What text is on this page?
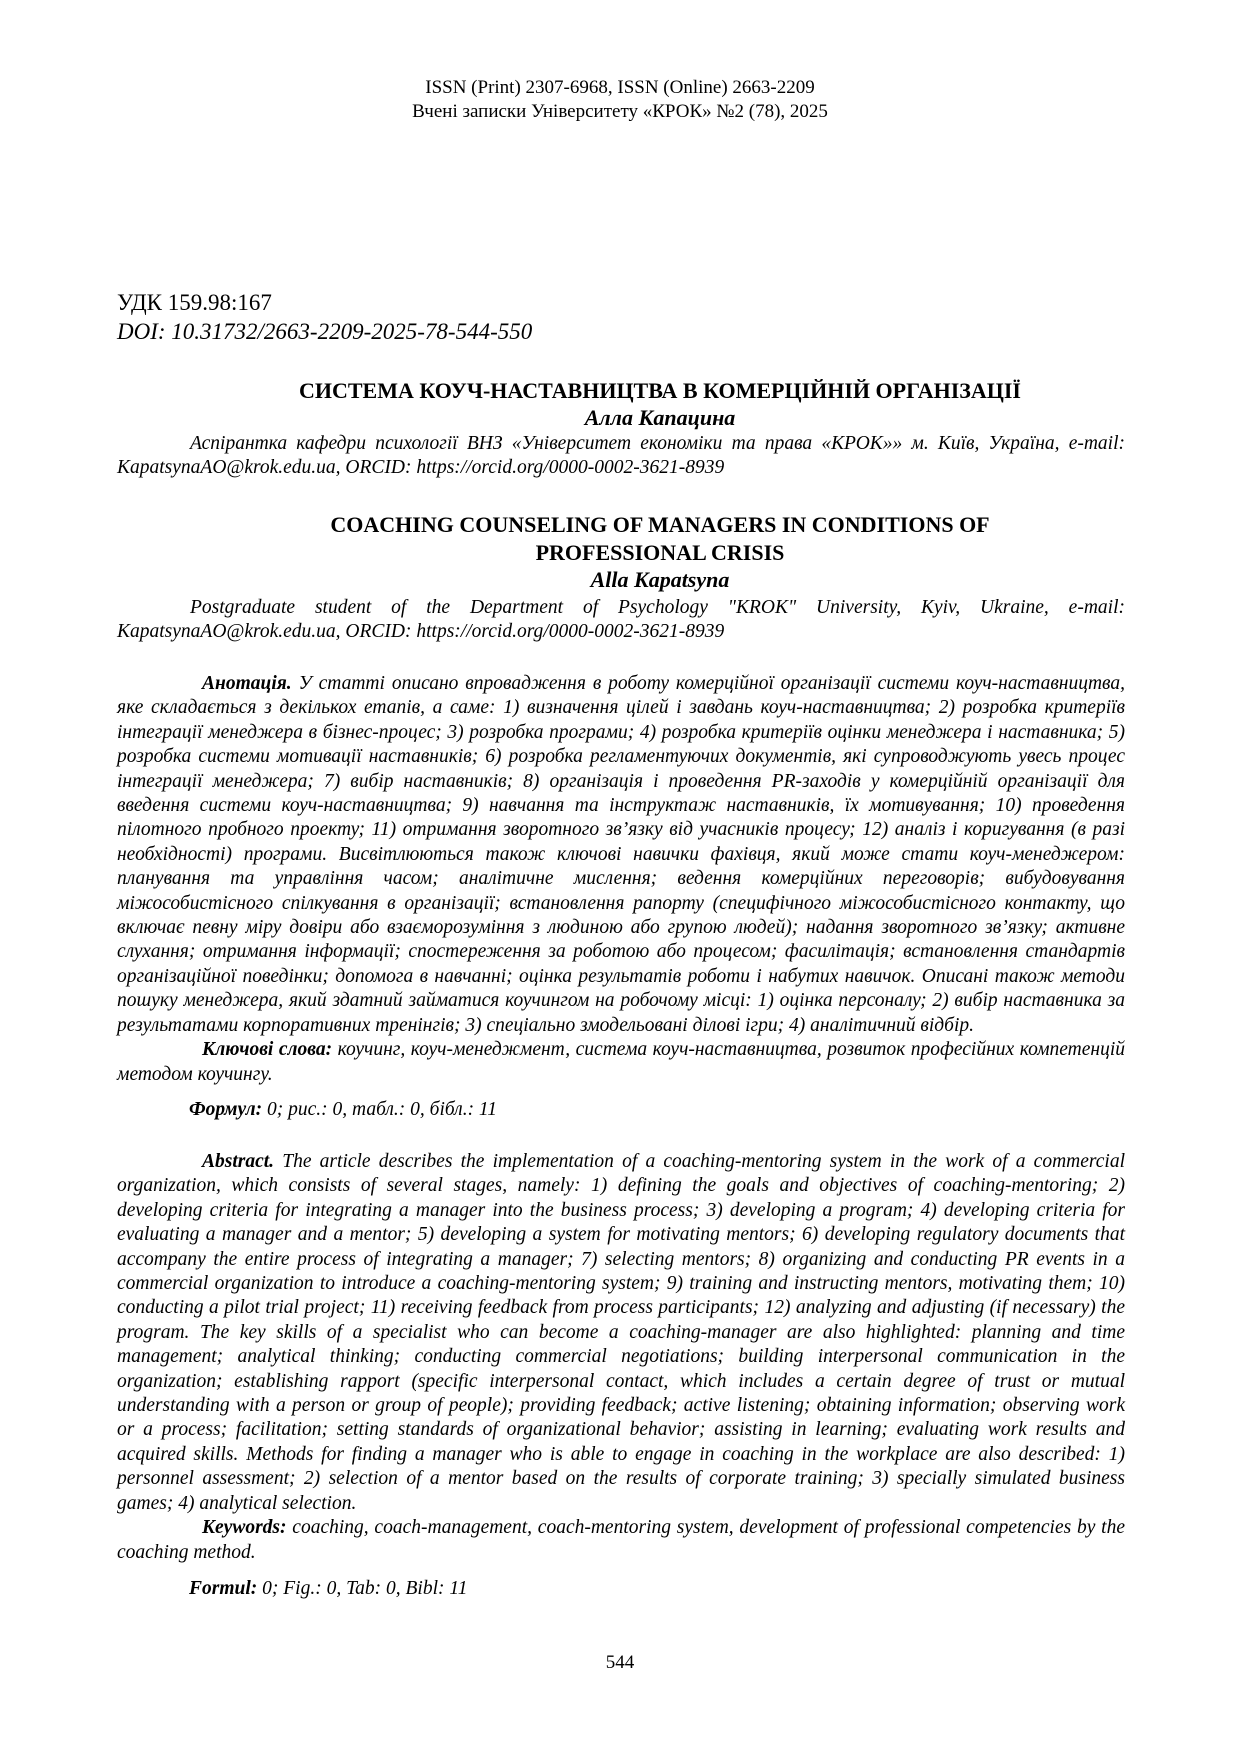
ISSN (Print) 2307-6968, ISSN (Online) 2663-2209
Вчені записки Університету «КРОК» №2 (78), 2025
УДК 159.98:167
DOI: 10.31732/2663-2209-2025-78-544-550
СИСТЕМА КОУЧ-НАСТАВНИЦТВА В КОМЕРЦІЙНІЙ ОРГАНІЗАЦІЇ
Алла Капацина
Аспірантка кафедри психології ВНЗ «Університет економіки та права «КРОК»» м. Київ, Україна, e-mail: KapatsynaAO@krok.edu.ua, ORCID: https://orcid.org/0000-0002-3621-8939
COACHING COUNSELING OF MANAGERS IN CONDITIONS OF
PROFESSIONAL CRISIS
Alla Kapatsyna
Postgraduate student of the Department of Psychology "KROK" University, Kyiv, Ukraine, e-mail: KapatsynaAO@krok.edu.ua, ORCID: https://orcid.org/0000-0002-3621-8939

Анотація. У статті описано впровадження в роботу комерційної організації системи коуч-наставництва, яке складається з декількох етапів, а саме: 1) визначення цілей і завдань коуч-наставництва; 2) розробка критеріїв інтеграції менеджера в бізнес-процес; 3) розробка програми; 4) розробка критеріїв оцінки менеджера і наставника; 5) розробка системи мотивації наставників; 6) розробка регламентуючих документів, які супроводжують увесь процес інтеграції менеджера; 7) вибір наставників; 8) організація і проведення PR-заходів у комерційній організації для введення системи коуч-наставництва; 9) навчання та інструктаж наставників, їх мотивування; 10) проведення пілотного пробного проекту; 11) отримання зворотного зв’язку від учасників процесу; 12) аналіз і коригування (в разі необхідності) програми. Висвітлюються також ключові навички фахівця, який може стати коуч-менеджером: планування та управління часом; аналітичне мислення; ведення комерційних переговорів; вибудовування міжособистісного спілкування в організації; встановлення рапорту (специфічного міжособистісного контакту, що включає певну міру довіри або взаєморозуміння з людиною або групою людей); надання зворотного зв’язку; активне слухання; отримання інформації; спостереження за роботою або процесом; фасилітація; встановлення стандартів організаційної поведінки; допомога в навчанні; оцінка результатів роботи і набутих навичок. Описані також методи пошуку менеджера, який здатний займатися коучингом на робочому місці: 1) оцінка персоналу; 2) вибір наставника за результатами корпоративних тренінгів; 3) спеціально змодельовані ділові ігри; 4) аналітичний відбір.

Ключові слова: коучинг, коуч-менеджмент, система коуч-наставництва, розвиток професійних компетенцій методом коучингу.

Формул: 0; рис.: 0, табл.: 0, бібл.: 11

Abstract. The article describes the implementation of a coaching-mentoring system in the work of a commercial organization, which consists of several stages, namely: 1) defining the goals and objectives of coaching-mentoring; 2) developing criteria for integrating a manager into the business process; 3) developing a program; 4) developing criteria for evaluating a manager and a mentor; 5) developing a system for motivating mentors; 6) developing regulatory documents that accompany the entire process of integrating a manager; 7) selecting mentors; 8) organizing and conducting PR events in a commercial organization to introduce a coaching-mentoring system; 9) training and instructing mentors, motivating them; 10) conducting a pilot trial project; 11) receiving feedback from process participants; 12) analyzing and adjusting (if necessary) the program. The key skills of a specialist who can become a coaching-manager are also highlighted: planning and time management; analytical thinking; conducting commercial negotiations; building interpersonal communication in the organization; establishing rapport (specific interpersonal contact, which includes a certain degree of trust or mutual understanding with a person or group of people); providing feedback; active listening; obtaining information; observing work or a process; facilitation; setting standards of organizational behavior; assisting in learning; evaluating work results and acquired skills. Methods for finding a manager who is able to engage in coaching in the workplace are also described: 1) personnel assessment; 2) selection of a mentor based on the results of corporate training; 3) specially simulated business games; 4) analytical selection.

Keywords: coaching, coach-management, coach-mentoring system, development of professional competencies by the coaching method.

Formul: 0; Fig.: 0, Tab: 0, Bibl: 11
544
